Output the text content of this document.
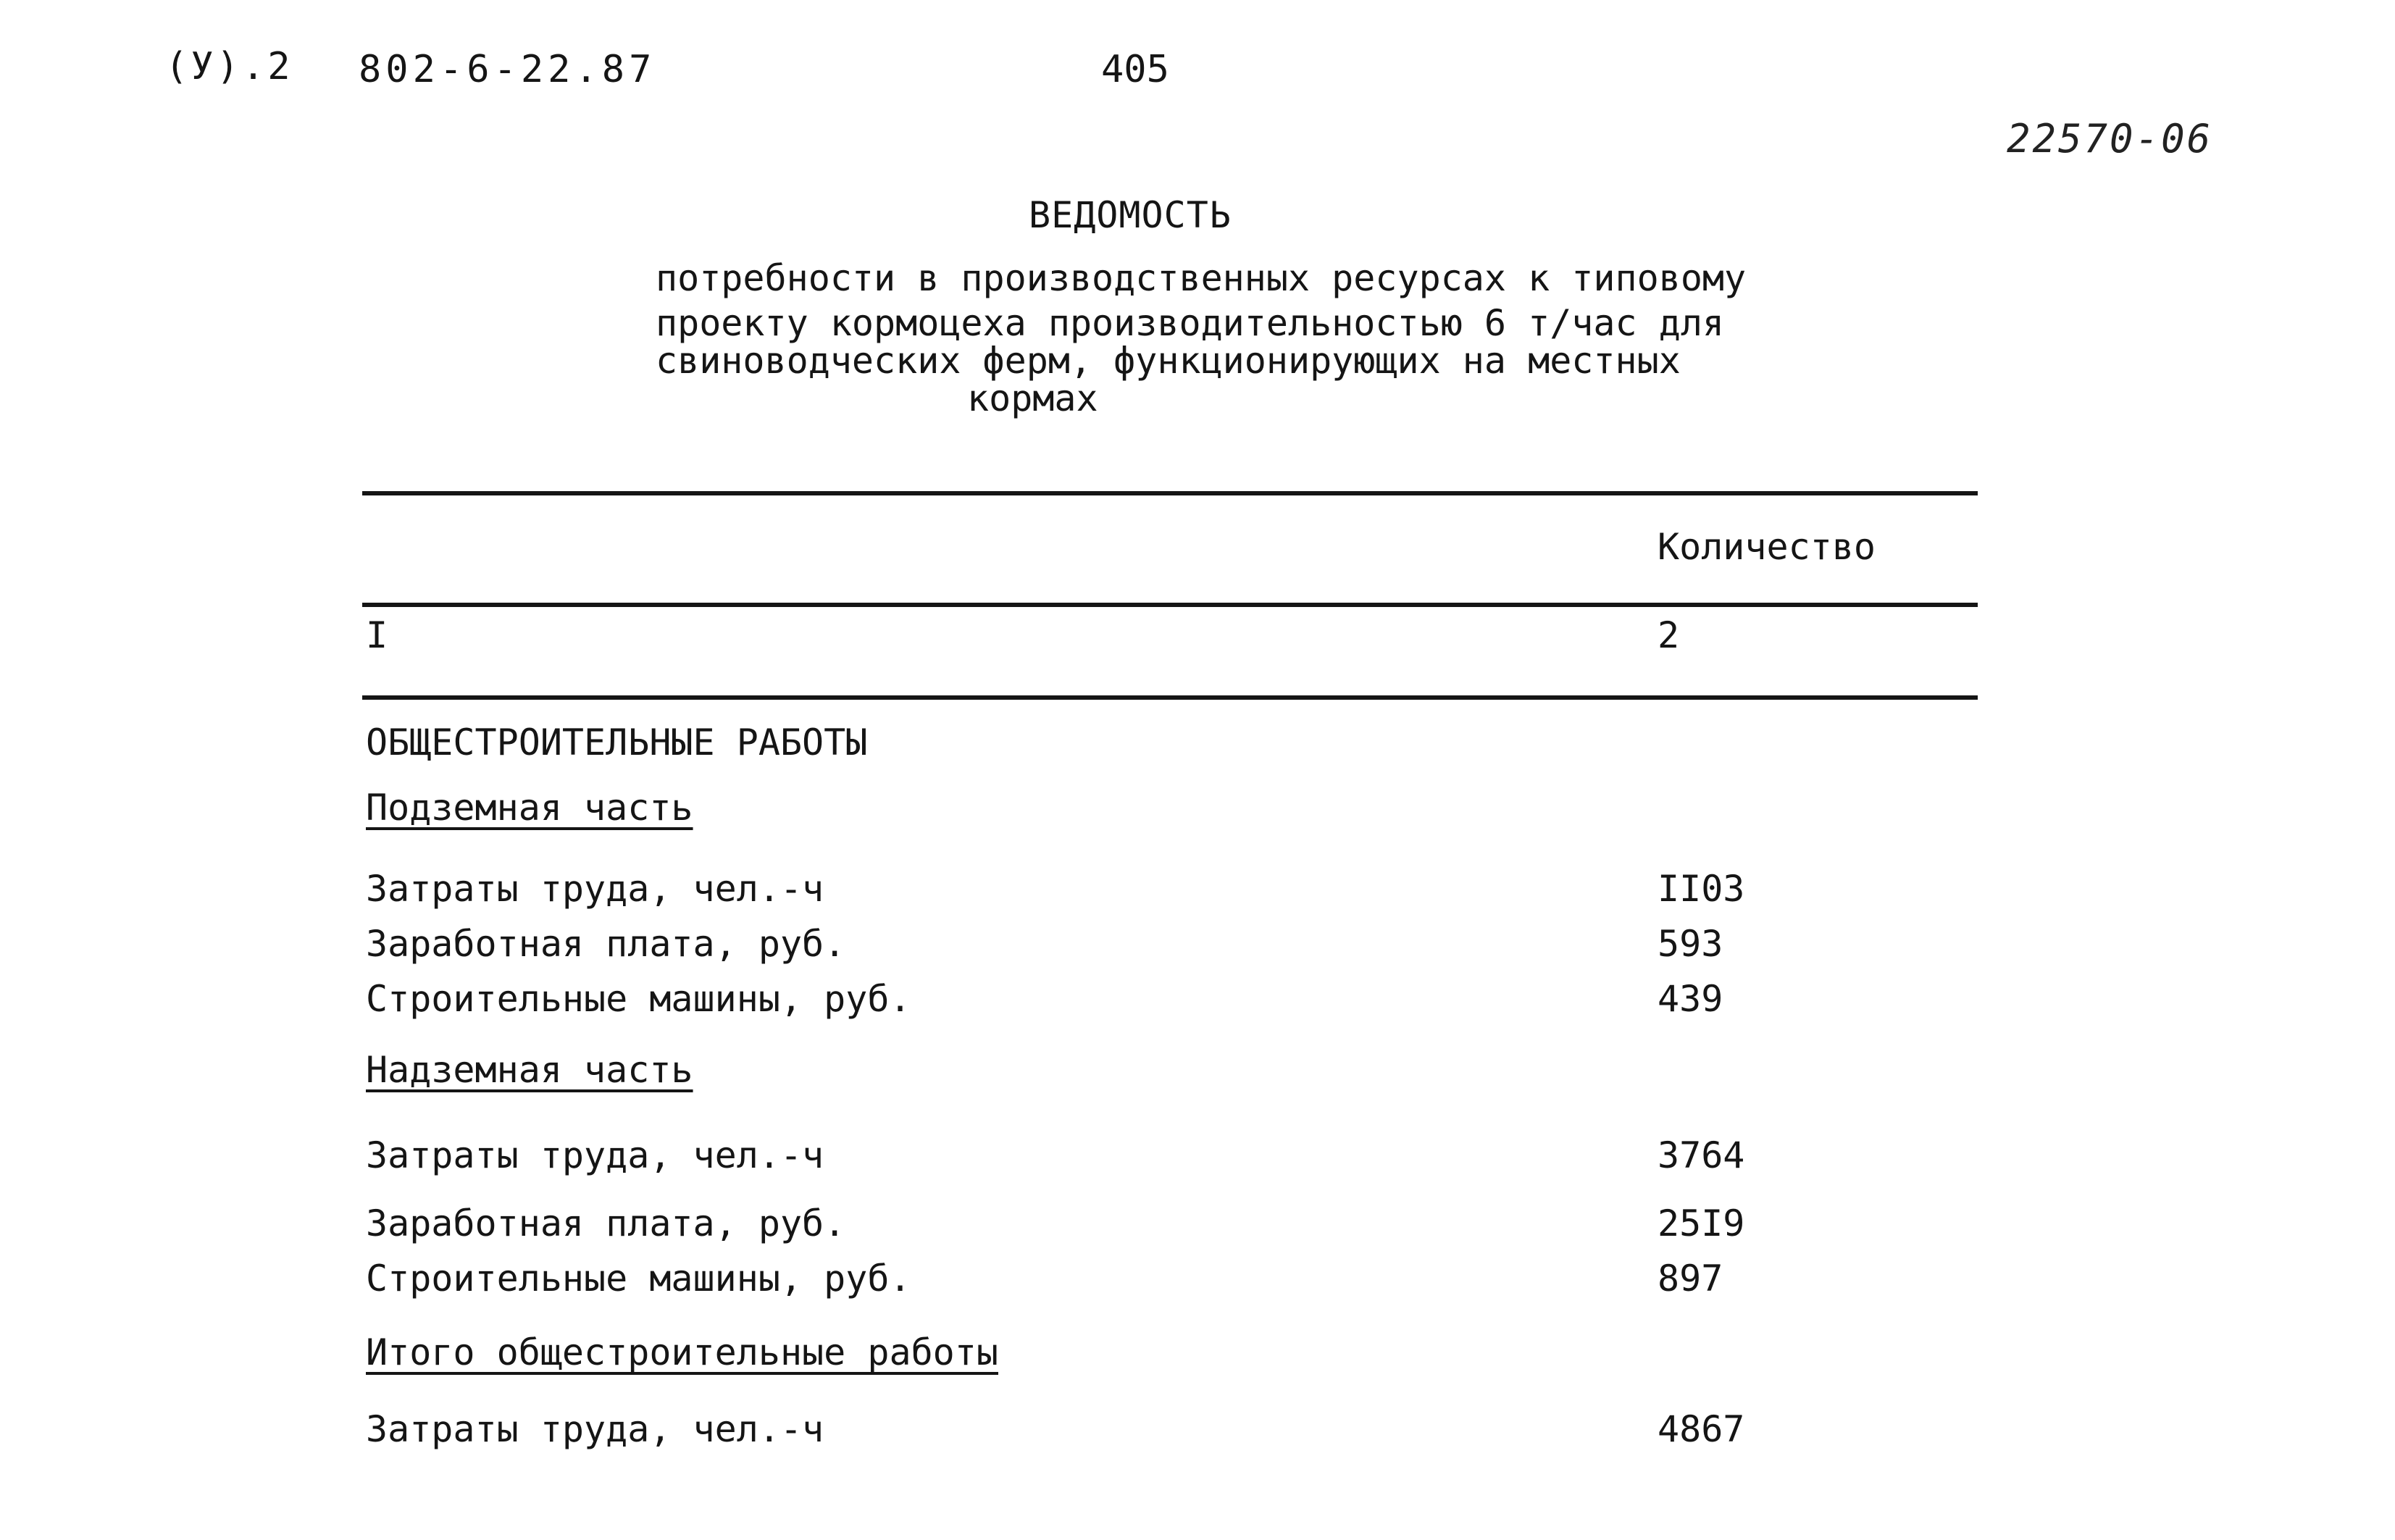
(У).2 802-6-22.87	405
22570-06
ВЕДОМОСТЬ
потребности в производственных ресурсах к типовому
проекту кормоцеха производительностью 6 т/час для
свиноводческих ферм, функционирующих на местных
кормах
Количество
I	2
ОБЩЕСТРОИТЕЛЬНЫЕ РАБОТЫ
Подземная часть
Затраты труда, чел.-ч	II03
Заработная плата, руб.	593
Строительные машины, руб.	439
Надземная часть
Затраты труда, чел.-ч	3764
Заработная плата, руб.	25I9
Строительные машины, руб.	897
Итого общестроительные работы
Затраты труда, чел.-ч	4867
